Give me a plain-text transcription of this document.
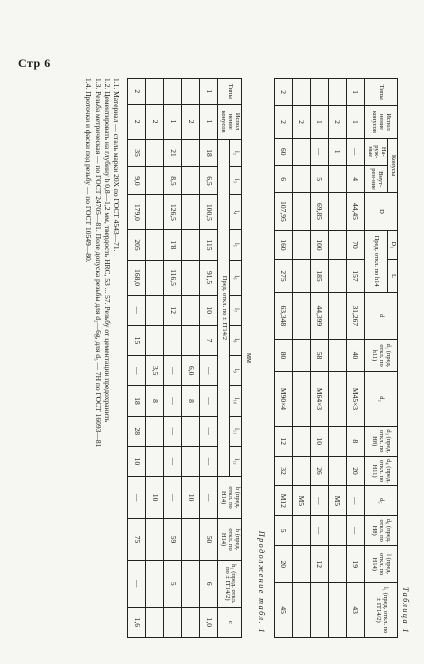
Стр 6
Таблица 1
Типы	Испол нение конусов	Конусы		D	D₁	L	d	d₁ (пред. откл. по h11)	d₂	d₃ (пред. откл. по H8)	d₄ (пред. откл. по H11)	d₅	d₆ (пред. откл. по H8)	l (пред. откл. по H14)	l₁ (пред. откл. по ± IT14/2)
		На-руж-ные	Внут-рен-ние		Пред. откл. по h14										
1	1	—	4	44,45	70	157	31,267	40	M45×3	8	20	—	—	19	43
	2	1										M5			
	1	—	5	69,85	100	185	44,399	58	M64×3	10	26	—	—	12	
	2											M5			
2	2	60	6	107,95	160	275	63,348	80	M90×4	12	32	M12	5	20	45
Продолжение табл. 1
мм
Типы	Испол нение конусов	l₂	l₃	l₄	l₅	l₆	l₇	l₈	l₉	l₁₀	l₁₁	l₁₂	b (пред. откл. по H14)	h (пред. откл. по H14)	h₁ (пред. откл. по ± IT14/2)	c
		Пред. откл. по ± IT14/2														
1	1	18	6,5	100,5	115	91,5	10	7	—	—	—	—	—	50	6	1,0
	2								6,0	8			10			
	1	21	8,5	126,5	1'8	116,5	12		—	—	—	—	—	59	5	
	2								3,5	8			10			
2	2	35	9,0	179,0	205	168,0	—	15	—	18	28	10	—	75	—	1,6
1.1. Материал — сталь марки 20Х по ГОСТ 4543—71.
1.2. Цементировать на глубину h 0,8—1,2 мм, твердость HRC, 53 ... 57. Резьбу от цементации предохранить
1.3. Резьба метрическая — по ГОСТ 24705—81. Поле допуска резьбы для d₂—6g, для d₅ — 7H по ГОСТ 16093—81
1.4. Проточки и фаски под резьбу — по ГОСТ 10549—80.
